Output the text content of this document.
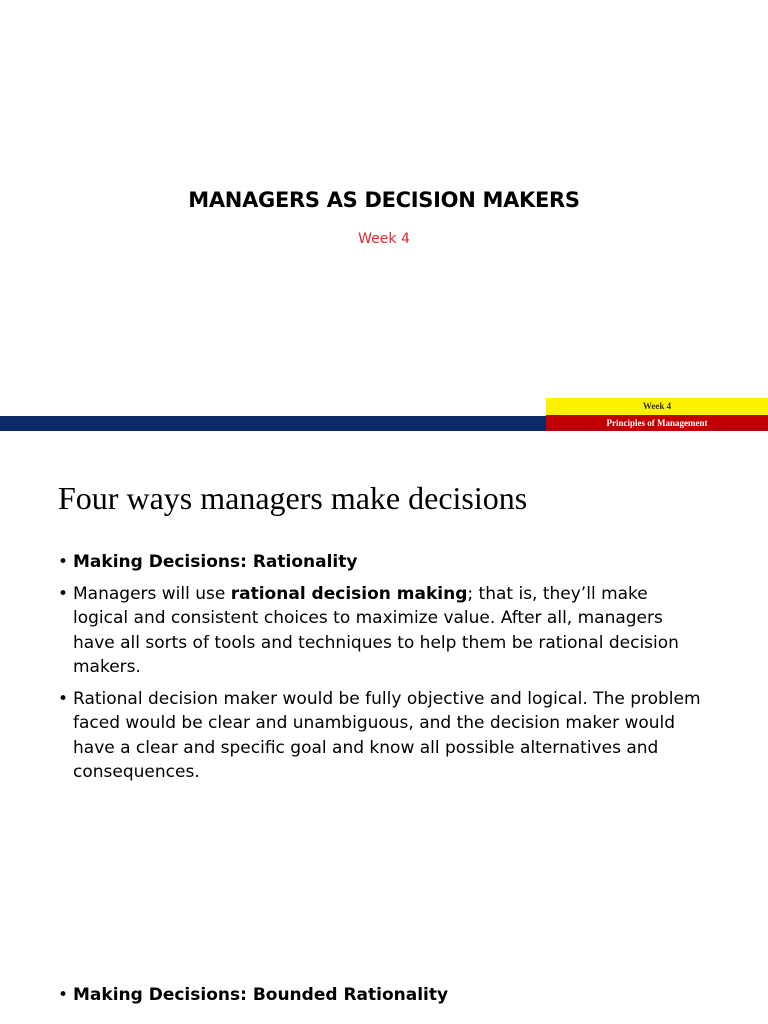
MANAGERS AS DECISION MAKERS
Week 4
Week 4
Principles of Management
Four ways managers make decisions
• Making Decisions: Rationality
• Managers will use rational decision making; that is, they’ll make logical and consistent choices to maximize value. After all, managers have all sorts of tools and techniques to help them be rational decision makers.
• Rational decision maker would be fully objective and logical. The problem faced would be clear and unambiguous, and the decision maker would have a clear and specific goal and know all possible alternatives and consequences.
• Making Decisions: Bounded Rationality
